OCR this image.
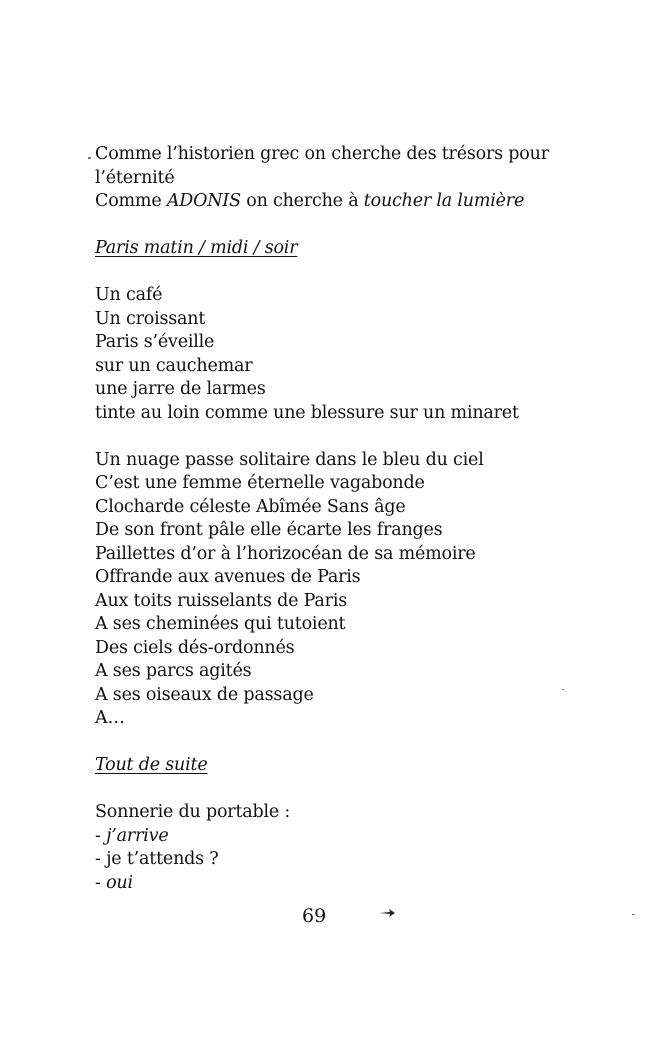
Comme l’historien grec on cherche des trésors pour
l’éternité
Comme ADONIS on cherche à toucher la lumière
Paris matin / midi / soir
Un café
Un croissant
Paris s’éveille
sur un cauchemar
une jarre de larmes
tinte au loin comme une blessure sur un minaret
Un nuage passe solitaire dans le bleu du ciel
C’est une femme éternelle vagabonde
Clocharde céleste Abîmée Sans âge
De son front pâle elle écarte les franges
Paillettes d’or à l’horizocéan de sa mémoire
Offrande aux avenues de Paris
Aux toits ruisselants de Paris
A ses cheminées qui tutoient
Des ciels dés-ordonnés
A ses parcs agités
A ses oiseaux de passage
A…
Tout de suite
Sonnerie du portable :
- j’arrive
- je t’attends ?
- oui
69
